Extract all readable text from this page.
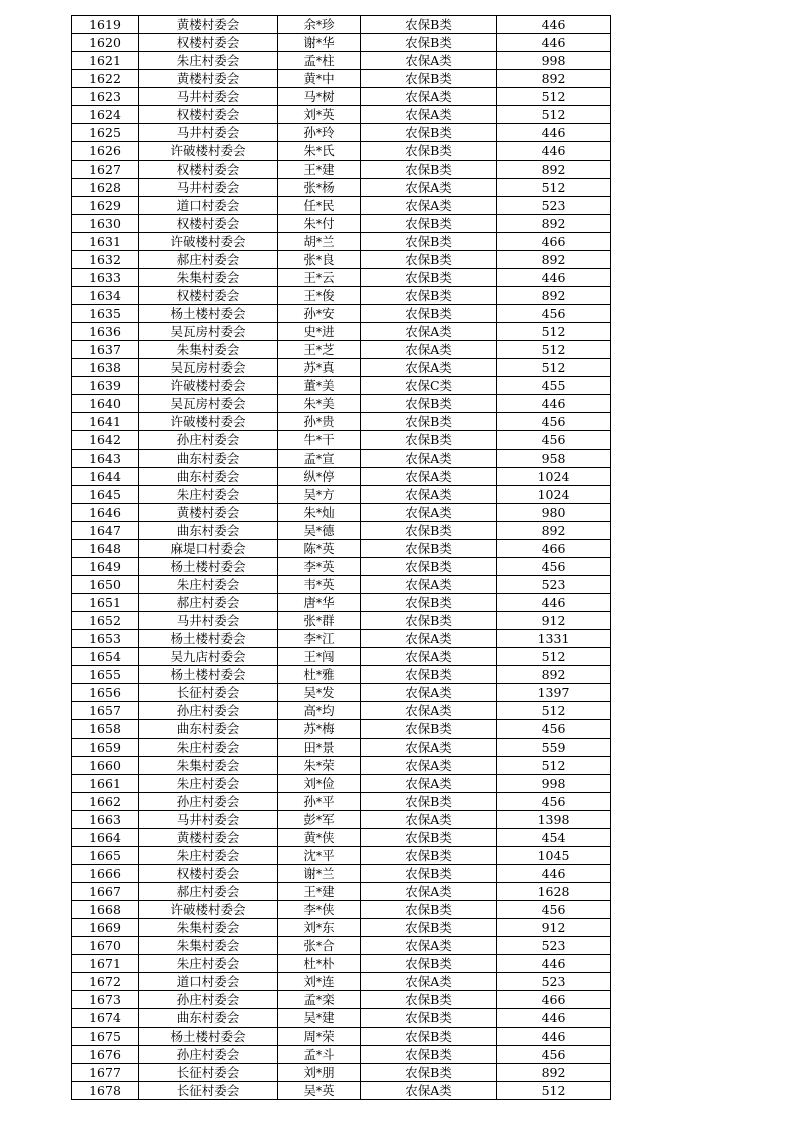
1619	黄楼村委会	余*珍	农保B类	446
1620	权楼村委会	谢*华	农保B类	446
1621	朱庄村委会	孟*柱	农保A类	998
1622	黄楼村委会	黄*中	农保B类	892
1623	马井村委会	马*树	农保A类	512
1624	权楼村委会	刘*英	农保A类	512
1625	马井村委会	孙*玲	农保B类	446
1626	许破楼村委会	朱*氏	农保B类	446
1627	权楼村委会	王*建	农保B类	892
1628	马井村委会	张*杨	农保A类	512
1629	道口村委会	任*民	农保A类	523
1630	权楼村委会	朱*付	农保B类	892
1631	许破楼村委会	胡*兰	农保B类	466
1632	郝庄村委会	张*良	农保B类	892
1633	朱集村委会	王*云	农保B类	446
1634	权楼村委会	王*俊	农保B类	892
1635	杨土楼村委会	孙*安	农保B类	456
1636	吴瓦房村委会	史*进	农保A类	512
1637	朱集村委会	王*芝	农保A类	512
1638	吴瓦房村委会	苏*真	农保A类	512
1639	许破楼村委会	董*美	农保C类	455
1640	吴瓦房村委会	朱*美	农保B类	446
1641	许破楼村委会	孙*贵	农保B类	456
1642	孙庄村委会	牛*干	农保B类	456
1643	曲东村委会	孟*宣	农保A类	958
1644	曲东村委会	纵*停	农保A类	1024
1645	朱庄村委会	吴*方	农保A类	1024
1646	黄楼村委会	朱*灿	农保A类	980
1647	曲东村委会	吴*德	农保B类	892
1648	麻堤口村委会	陈*英	农保B类	466
1649	杨土楼村委会	李*英	农保B类	456
1650	朱庄村委会	韦*英	农保A类	523
1651	郝庄村委会	唐*华	农保B类	446
1652	马井村委会	张*群	农保B类	912
1653	杨土楼村委会	李*江	农保A类	1331
1654	吴九店村委会	王*闯	农保A类	512
1655	杨土楼村委会	杜*雅	农保B类	892
1656	长征村委会	吴*发	农保A类	1397
1657	孙庄村委会	高*均	农保A类	512
1658	曲东村委会	苏*梅	农保B类	456
1659	朱庄村委会	田*景	农保A类	559
1660	朱集村委会	朱*荣	农保A类	512
1661	朱庄村委会	刘*俭	农保A类	998
1662	孙庄村委会	孙*平	农保B类	456
1663	马井村委会	彭*军	农保A类	1398
1664	黄楼村委会	黄*侠	农保B类	454
1665	朱庄村委会	沈*平	农保B类	1045
1666	权楼村委会	谢*兰	农保B类	446
1667	郝庄村委会	王*建	农保A类	1628
1668	许破楼村委会	李*侠	农保B类	456
1669	朱集村委会	刘*东	农保B类	912
1670	朱集村委会	张*合	农保A类	523
1671	朱庄村委会	杜*朴	农保B类	446
1672	道口村委会	刘*连	农保A类	523
1673	孙庄村委会	孟*栾	农保B类	466
1674	曲东村委会	吴*建	农保B类	446
1675	杨土楼村委会	周*荣	农保B类	446
1676	孙庄村委会	孟*斗	农保B类	456
1677	长征村委会	刘*朋	农保B类	892
1678	长征村委会	吴*英	农保A类	512
